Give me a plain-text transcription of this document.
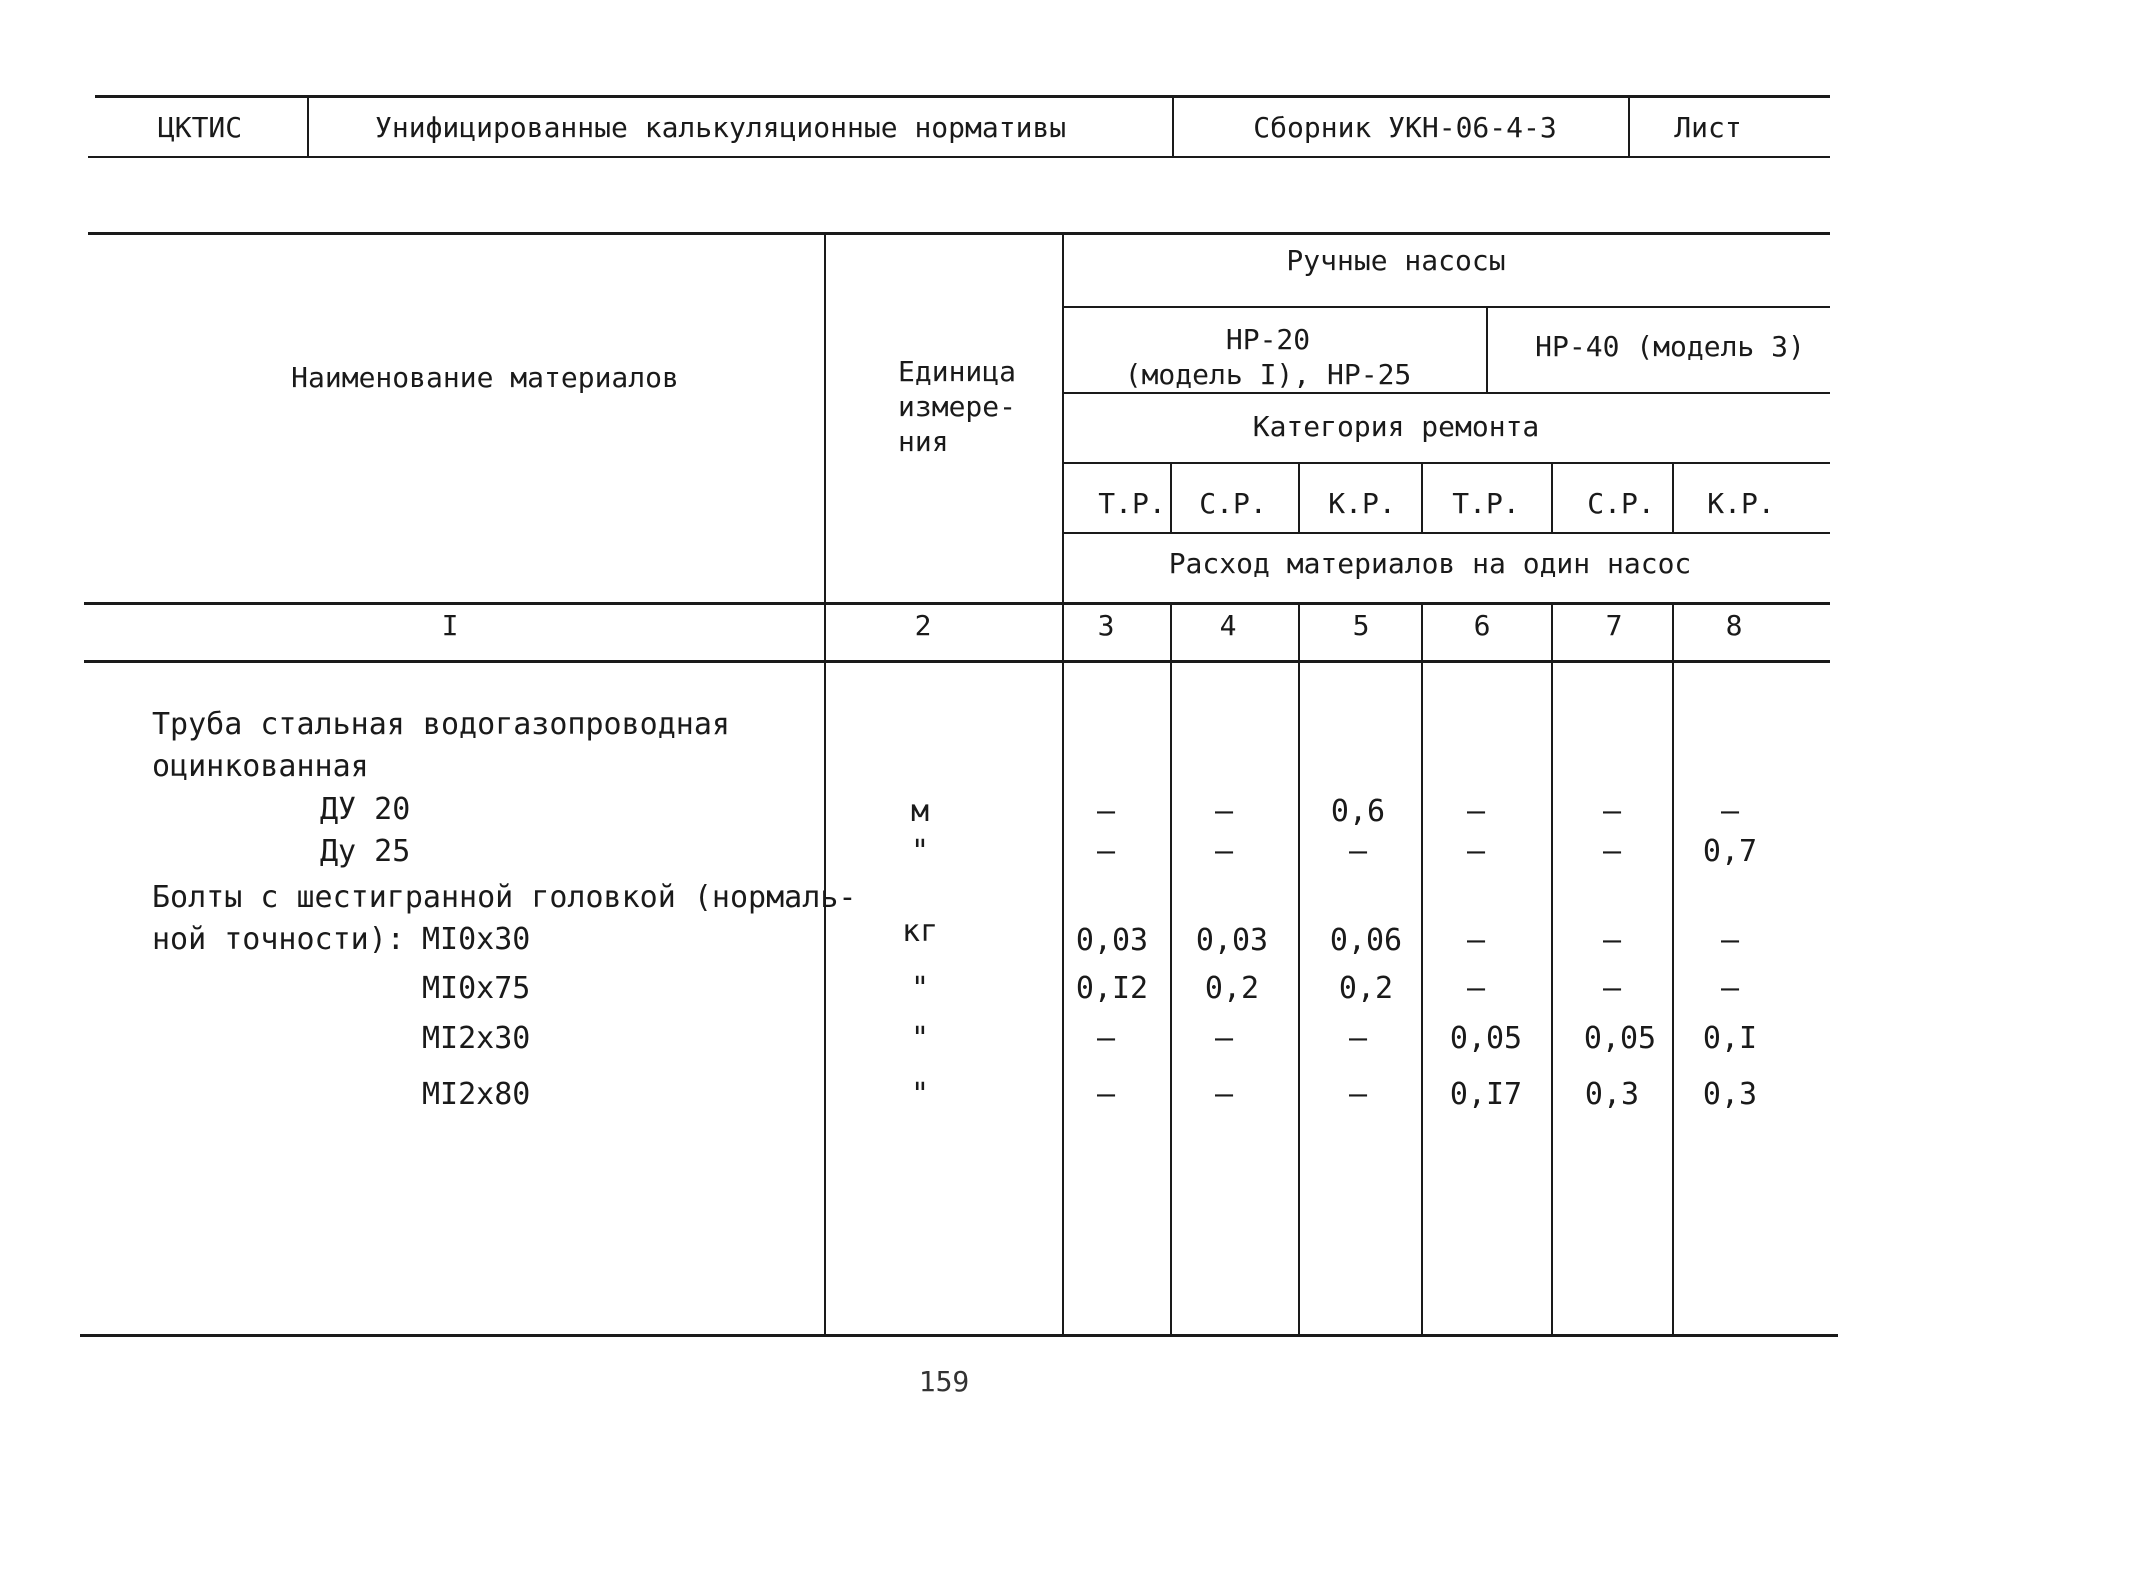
ЦКТИС	Унифицированные калькуляционные нормативы	Сборник УКН-06-4-3	Лист
Наименование материалов	Единица
измере-
ния
Ручные насосы
НР-20
(модель I), НР-25
НР-40 (модель 3)
Категория ремонта
Т.Р. С.Р. К.Р. Т.Р. С.Р. К.Р.
Расход материалов на один насос
I	2	3	4	5	6	7	8
Труба стальная водогазопроводная
оцинкованная
Болты с шестигранной головкой (нормаль-
ной точности):
ДУ 20	м	–	–	0,6	–	–	–
Ду 25	"	–	–	–	–	–	0,7
МI0х30	кг	0,03 0,03 0,06 –	–	–
МI0х75	"	0,I2 0,2	0,2 –	–	–
МI2х30	"	–	–	–	0,05 0,05 0,I
МI2х80	"	–	–	–	0,I7 0,3 0,3
159
